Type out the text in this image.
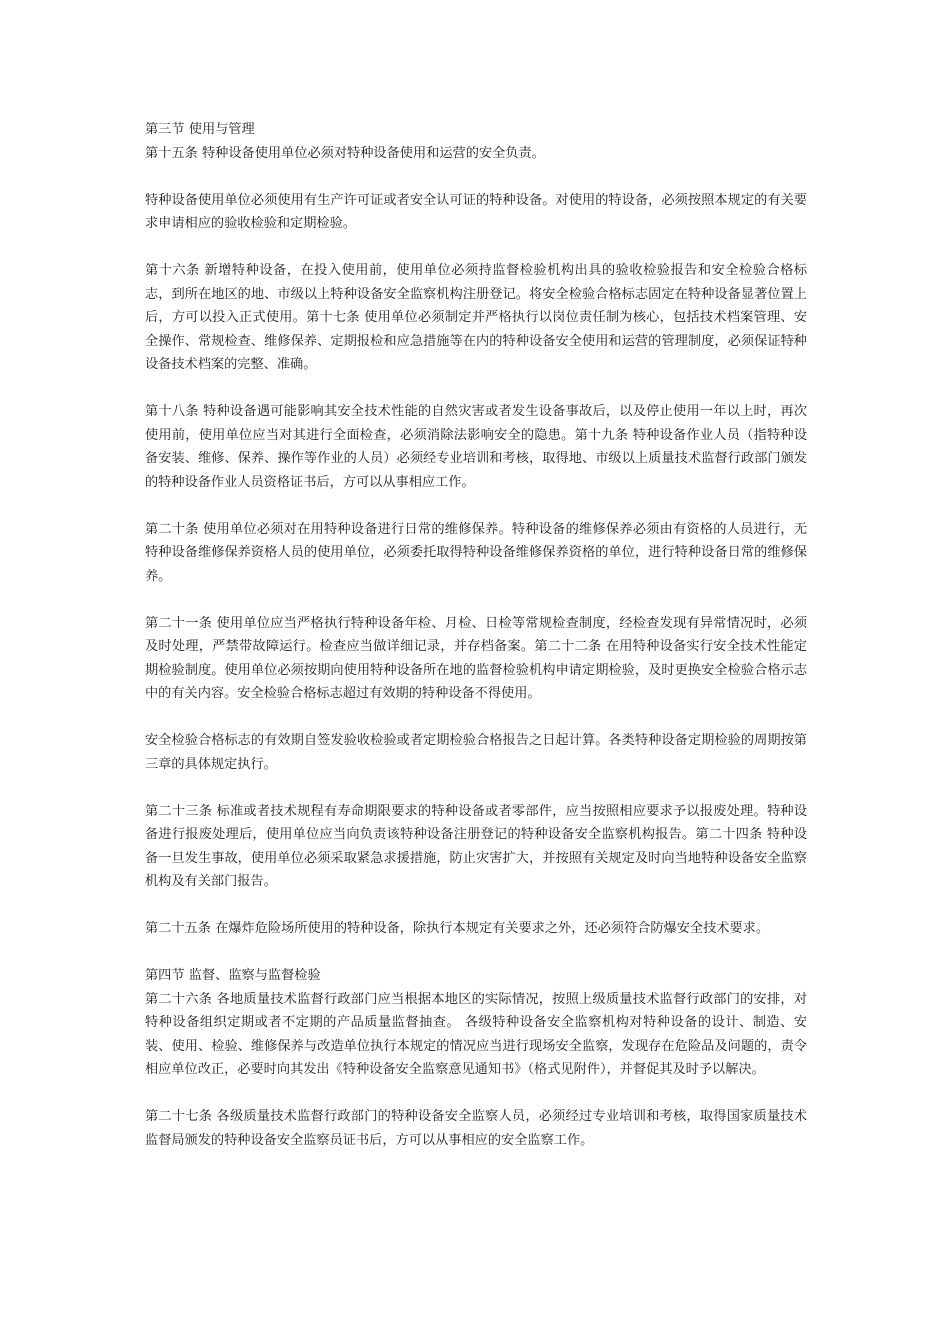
第三节 使用与管理
第十五条 特种设备使用单位必须对特种设备使用和运营的安全负责。
特种设备使用单位必须使用有生产许可证或者安全认可证的特种设备。对使用的特设备，必须按照本规定的有关要求申请相应的验收检验和定期检验。
第十六条 新增特种设备，在投入使用前，使用单位必须持监督检验机构出具的验收检验报告和安全检验合格标志，到所在地区的地、市级以上特种设备安全监察机构注册登记。将安全检验合格标志固定在特种设备显著位置上后，方可以投入正式使用。第十七条 使用单位必须制定并严格执行以岗位责任制为核心，包括技术档案管理、安全操作、常规检查、维修保养、定期报检和应急措施等在内的特种设备安全使用和运营的管理制度，必须保证特种设备技术档案的完整、准确。
第十八条 特种设备遇可能影响其安全技术性能的自然灾害或者发生设备事故后，以及停止使用一年以上时，再次使用前，使用单位应当对其进行全面检查，必须消除法影响安全的隐患。第十九条 特种设备作业人员（指特种设备安装、维修、保养、操作等作业的人员）必须经专业培训和考核，取得地、市级以上质量技术监督行政部门颁发的特种设备作业人员资格证书后，方可以从事相应工作。
第二十条 使用单位必须对在用特种设备进行日常的维修保养。特种设备的维修保养必须由有资格的人员进行，无特种设备维修保养资格人员的使用单位，必须委托取得特种设备维修保养资格的单位，进行特种设备日常的维修保养。
第二十一条 使用单位应当严格执行特种设备年检、月检、日检等常规检查制度，经检查发现有异常情况时，必须及时处理，严禁带故障运行。检查应当做详细记录，并存档备案。第二十二条 在用特种设备实行安全技术性能定期检验制度。使用单位必须按期向使用特种设备所在地的监督检验机构申请定期检验，及时更换安全检验合格示志中的有关内容。安全检验合格标志超过有效期的特种设备不得使用。
安全检验合格标志的有效期自签发验收检验或者定期检验合格报告之日起计算。各类特种设备定期检验的周期按第三章的具体规定执行。
第二十三条 标准或者技术规程有寿命期限要求的特种设备或者零部件，应当按照相应要求予以报废处理。特种设备进行报废处理后，使用单位应当向负责该特种设备注册登记的特种设备安全监察机构报告。第二十四条 特种设备一旦发生事故，使用单位必须采取紧急求援措施，防止灾害扩大，并按照有关规定及时向当地特种设备安全监察机构及有关部门报告。
第二十五条 在爆炸危险场所使用的特种设备，除执行本规定有关要求之外，还必须符合防爆安全技术要求。
第四节 监督、监察与监督检验
第二十六条 各地质量技术监督行政部门应当根据本地区的实际情况，按照上级质量技术监督行政部门的安排，对特种设备组织定期或者不定期的产品质量监督抽查。 各级特种设备安全监察机构对特种设备的设计、制造、安装、使用、检验、维修保养与改造单位执行本规定的情况应当进行现场安全监察，发现存在危险品及问题的，责令相应单位改正，必要时向其发出《特种设备安全监察意见通知书》（格式见附件），并督促其及时予以解决。
第二十七条 各级质量技术监督行政部门的特种设备安全监察人员，必须经过专业培训和考核，取得国家质量技术监督局颁发的特种设备安全监察员证书后，方可以从事相应的安全监察工作。
